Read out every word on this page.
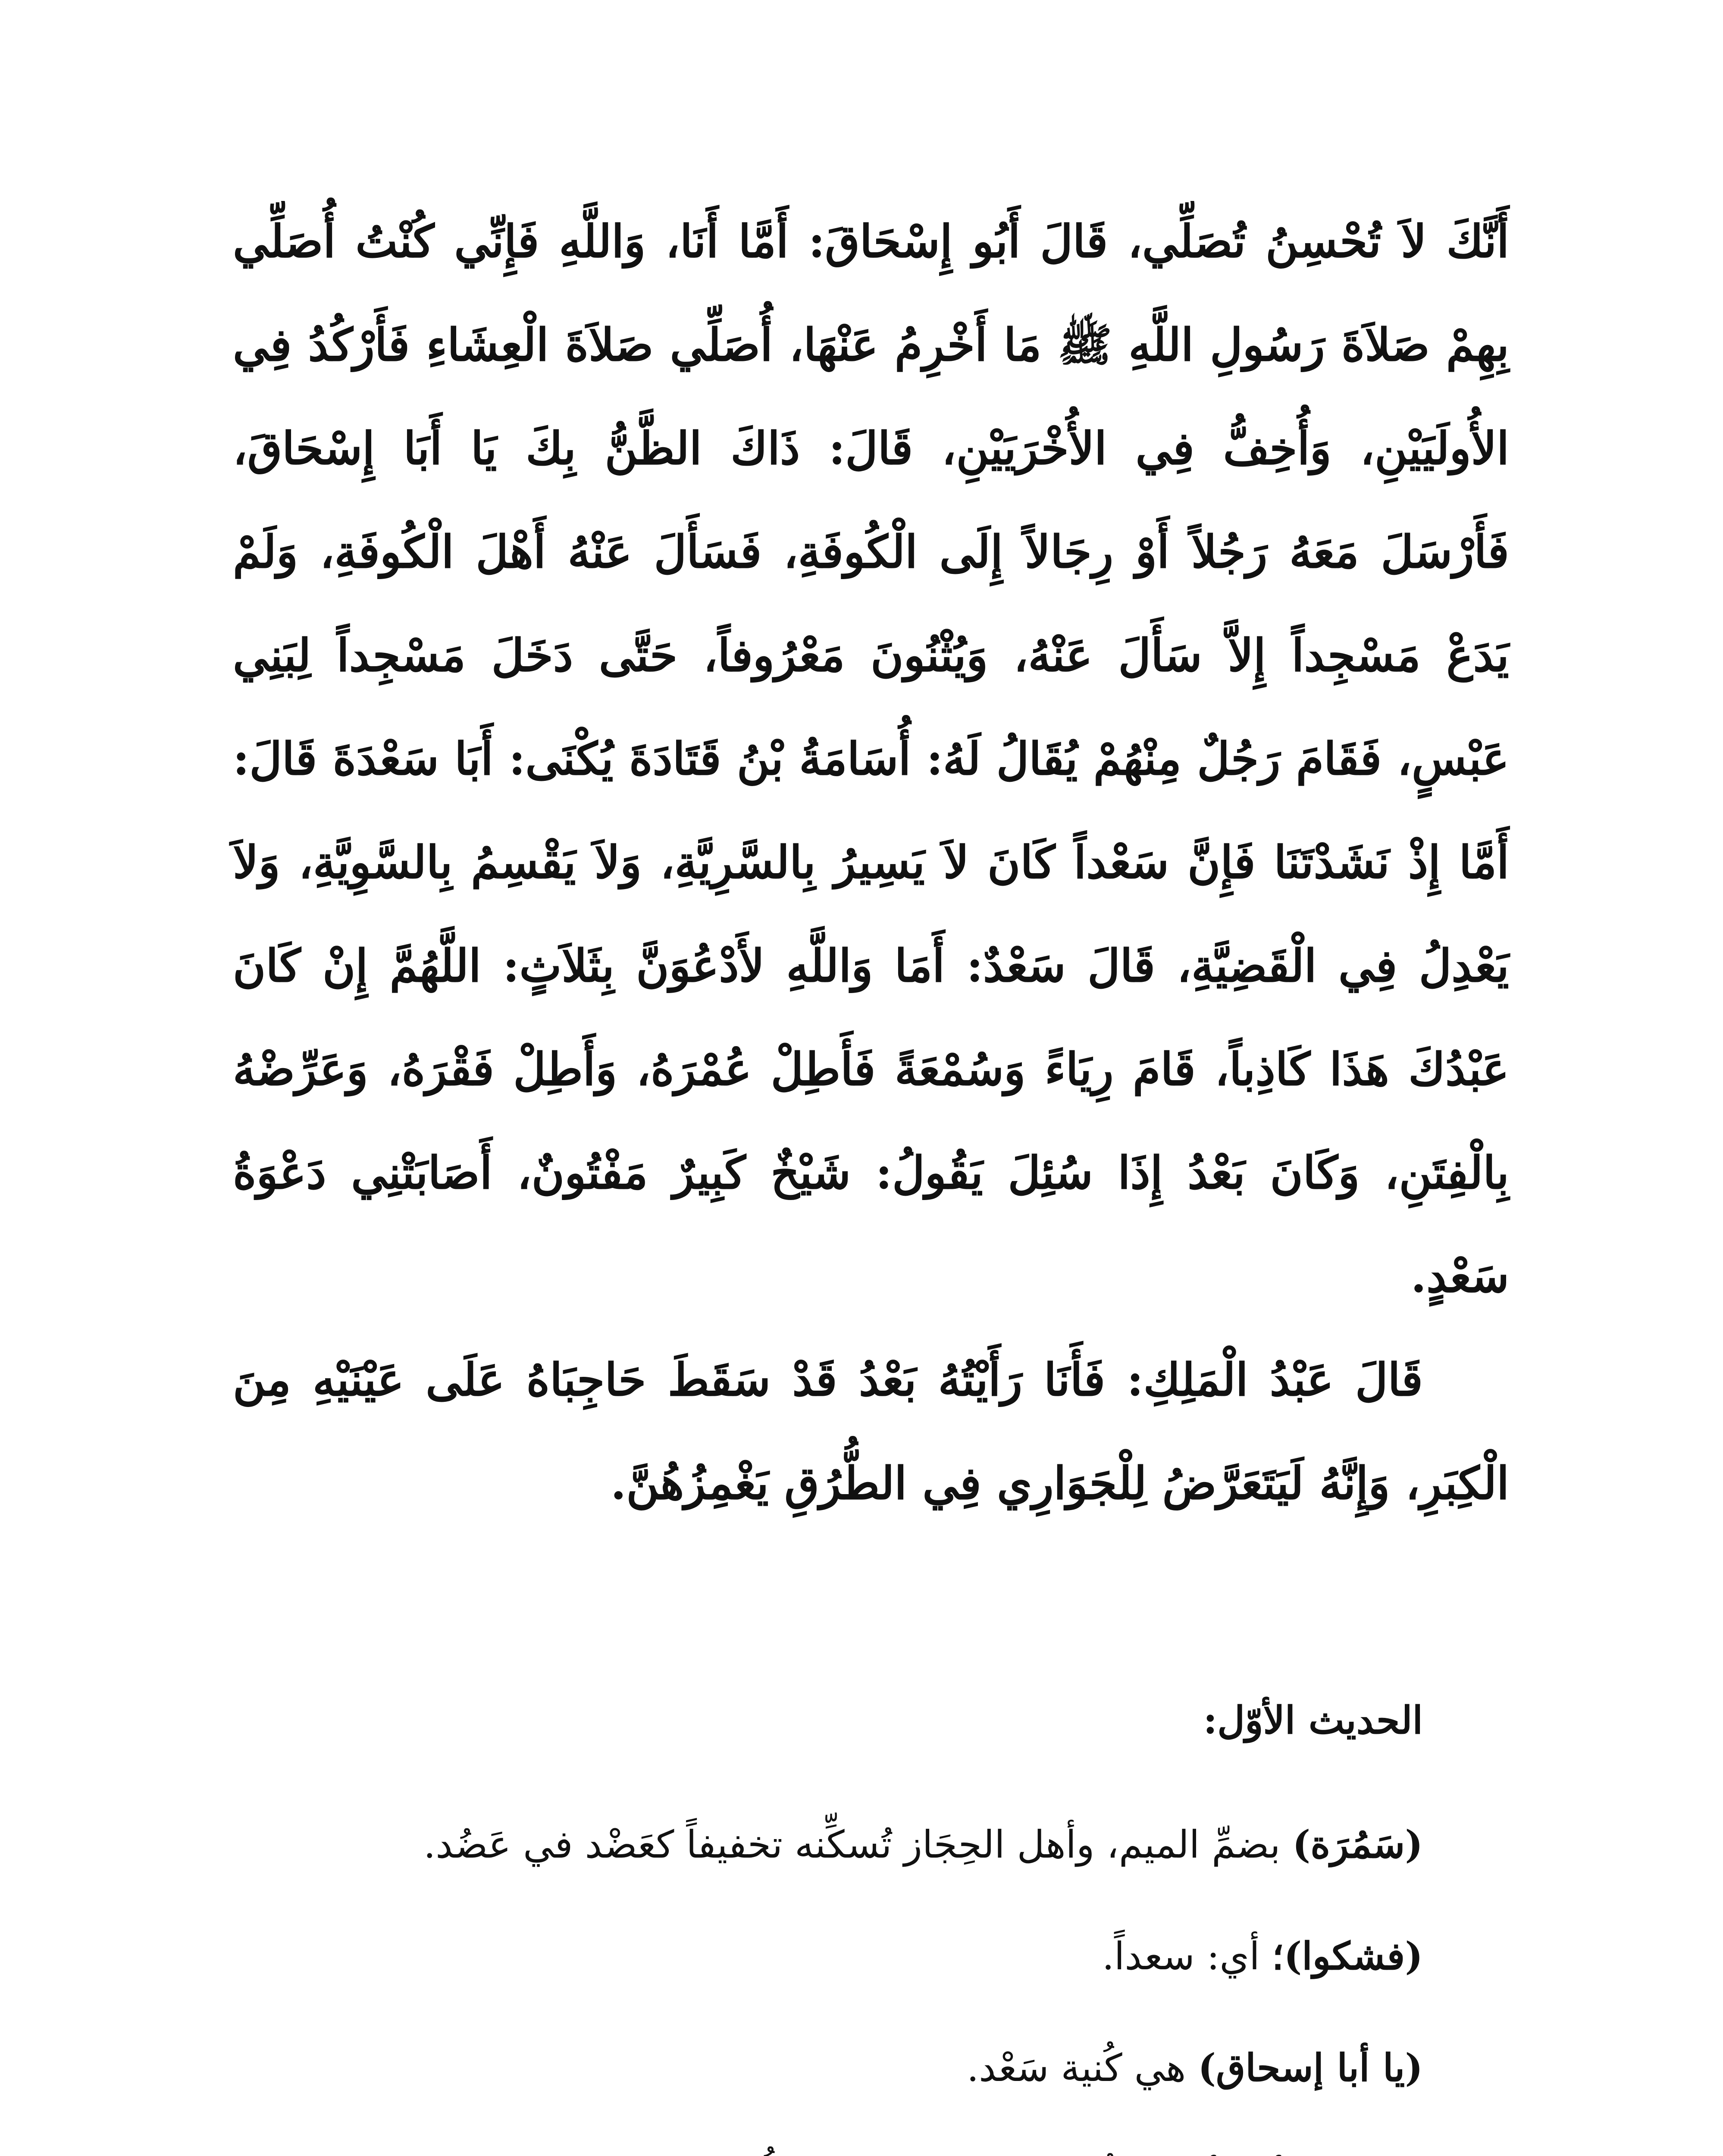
أَنَّكَ لاَ تُحْسِنُ تُصَلِّي، قَالَ أَبُو إِسْحَاقَ: أَمَّا أَنَا، وَاللَّهِ فَإِنِّي كُنْتُ أُصَلِّي بِهِمْ صَلاَةَ رَسُولِ اللَّهِ ﷺ مَا أَخْرِمُ عَنْهَا، أُصَلِّي صَلاَةَ الْعِشَاءِ فَأَرْكُدُ فِي الأُولَيَيْنِ، وَأُخِفُّ فِي الأُخْرَيَيْنِ، قَالَ: ذَاكَ الظَّنُّ بِكَ يَا أَبَا إِسْحَاقَ، فَأَرْسَلَ مَعَهُ رَجُلاً أَوْ رِجَالاً إِلَى الْكُوفَةِ، فَسَأَلَ عَنْهُ أَهْلَ الْكُوفَةِ، وَلَمْ يَدَعْ مَسْجِداً إِلاَّ سَأَلَ عَنْهُ، وَيُثْنُونَ مَعْرُوفاً، حَتَّى دَخَلَ مَسْجِداً لِبَنِي عَبْسٍ، فَقَامَ رَجُلٌ مِنْهُمْ يُقَالُ لَهُ: أُسَامَةُ بْنُ قَتَادَةَ يُكْنَى: أَبَا سَعْدَةَ قَالَ: أَمَّا إِذْ نَشَدْتَنَا فَإِنَّ سَعْداً كَانَ لاَ يَسِيرُ بِالسَّرِيَّةِ، وَلاَ يَقْسِمُ بِالسَّوِيَّةِ، وَلاَ يَعْدِلُ فِي الْقَضِيَّةِ، قَالَ سَعْدٌ: أَمَا وَاللَّهِ لأَدْعُوَنَّ بِثَلاَثٍ: اللَّهُمَّ إِنْ كَانَ عَبْدُكَ هَذَا كَاذِباً، قَامَ رِيَاءً وَسُمْعَةً فَأَطِلْ عُمْرَهُ، وَأَطِلْ فَقْرَهُ، وَعَرِّضْهُ بِالْفِتَنِ، وَكَانَ بَعْدُ إِذَا سُئِلَ يَقُولُ: شَيْخٌ كَبِيرٌ مَفْتُونٌ، أَصَابَتْنِي دَعْوَةُ سَعْدٍ.

قَالَ عَبْدُ الْمَلِكِ: فَأَنَا رَأَيْتُهُ بَعْدُ قَدْ سَقَطَ حَاجِبَاهُ عَلَى عَيْنَيْهِ مِنَ الْكِبَرِ، وَإِنَّهُ لَيَتَعَرَّضُ لِلْجَوَارِي فِي الطُّرُقِ يَغْمِزُهُنَّ.

الحديث الأوّل:

(سَمُرَة) بضمِّ الميم، وأهل الحِجَاز تُسكِّنه تخفيفاً كعَضْد في عَضُد.

(فشكوا)؛ أي: سعداً.

(يا أبا إسحاق) هي كُنية سَعْد.
